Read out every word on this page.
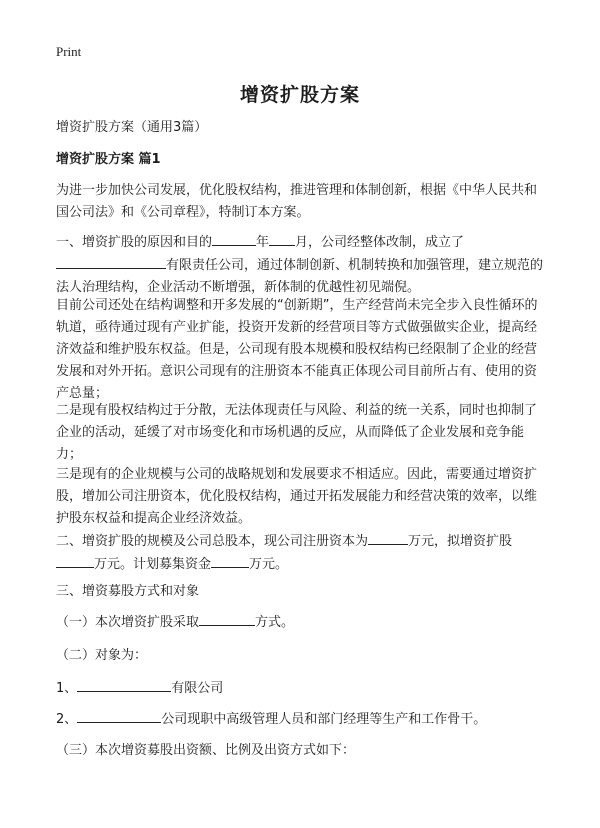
Print
增资扩股方案
增资扩股方案（通用3篇）
增资扩股方案 篇1
为进一步加快公司发展，优化股权结构，推进管理和体制创新，根据《中华人民共和国公司法》和《公司章程》，特制订本方案。
一、增资扩股的原因和目的	年 月，公司经整体改制，成立了
有限责任公司，通过体制创新、机制转换和加强管理，建立规范的法人治理结构，企业活动不断增强，新体制的优越性初见端倪。
目前公司还处在结构调整和开多发展的“创新期”，生产经营尚未完全步入良性循环的轨道，亟待通过现有产业扩能，投资开发新的经营项目等方式做强做实企业，提高经济效益和维护股东权益。但是，公司现有股本规模和股权结构已经限制了企业的经营发展和对外开拓。意识公司现有的注册资本不能真正体现公司目前所占有、使用的资产总量；
二是现有股权结构过于分散，无法体现责任与风险、利益的统一关系，同时也抑制了企业的活动，延缓了对市场变化和市场机遇的反应，从而降低了企业发展和竞争能力；
三是现有的企业规模与公司的战略规划和发展要求不相适应。因此，需要通过增资扩股，增加公司注册资本，优化股权结构，通过开拓发展能力和经营决策的效率，以维护股东权益和提高企业经济效益。
二、增资扩股的规模及公司总股本，现公司注册资本为	万元，拟增资扩股
万元。计划募集资金	万元。
三、增资募股方式和对象
（一）本次增资扩股采取	方式。
（二）对象为：
1、	有限公司
2、	公司现职中高级管理人员和部门经理等生产和工作骨干。
（三）本次增资募股出资额、比例及出资方式如下：
